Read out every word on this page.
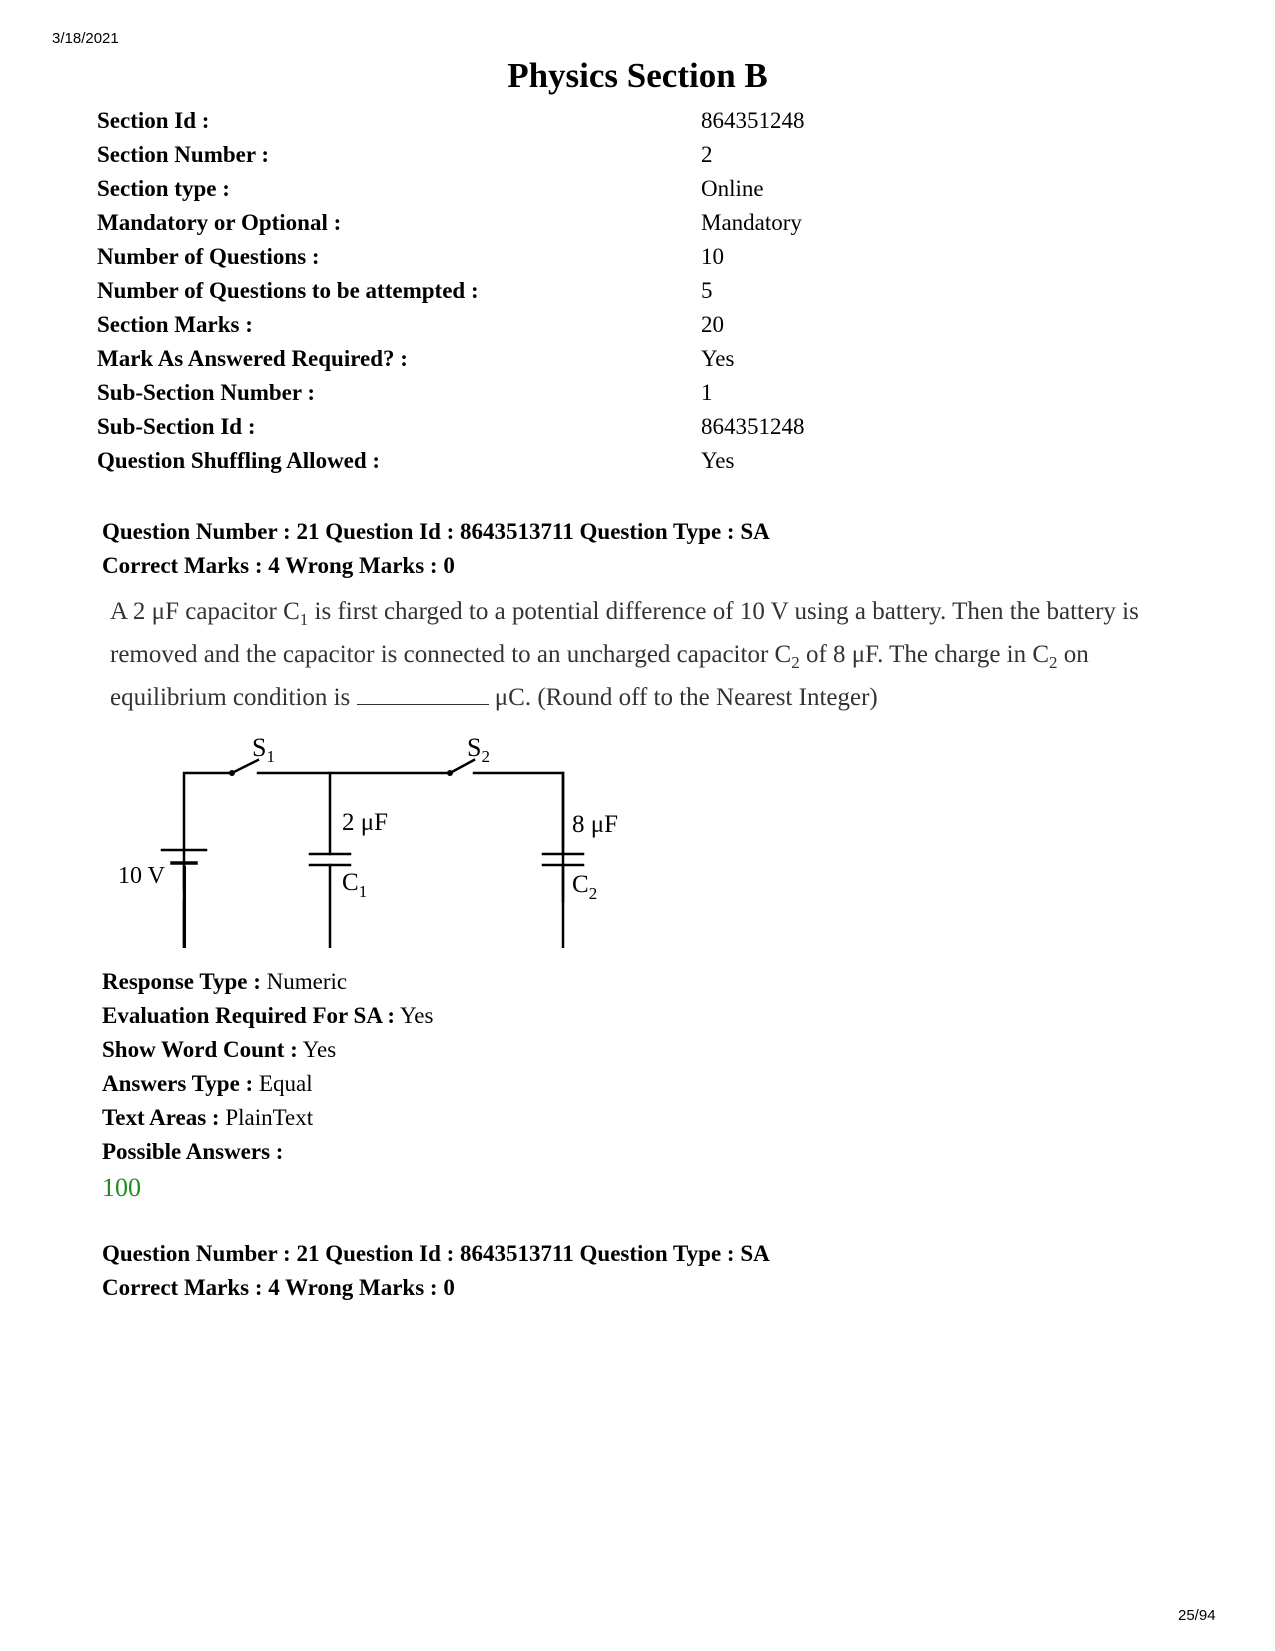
3/18/2021
Physics Section B
Section Id :	864351248
Section Number :	2
Section type :	Online
Mandatory or Optional :	Mandatory
Number of Questions :	10
Number of Questions to be attempted :	5
Section Marks :	20
Mark As Answered Required? :	Yes
Sub-Section Number :	1
Sub-Section Id :	864351248
Question Shuffling Allowed :	Yes
Question Number : 21 Question Id : 8643513711 Question Type : SA
Correct Marks : 4 Wrong Marks : 0
A 2 μF capacitor $C_1$ is first charged to a potential difference of 10 V using a battery. Then the battery is removed and the capacitor is connected to an uncharged capacitor $C_2$ of 8 μF. The charge in $C_2$ on equilibrium condition is	μC. (Round off to the Nearest Integer)
$S_1$	$S_2$
2 μF
$C_1$
8 μF
$C_2$
10 V
Response Type : Numeric
Evaluation Required For SA : Yes
Show Word Count : Yes
Answers Type : Equal
Text Areas : PlainText
Possible Answers :
100
Question Number : 21 Question Id : 8643513711 Question Type : SA
Correct Marks : 4 Wrong Marks : 0
25/94
